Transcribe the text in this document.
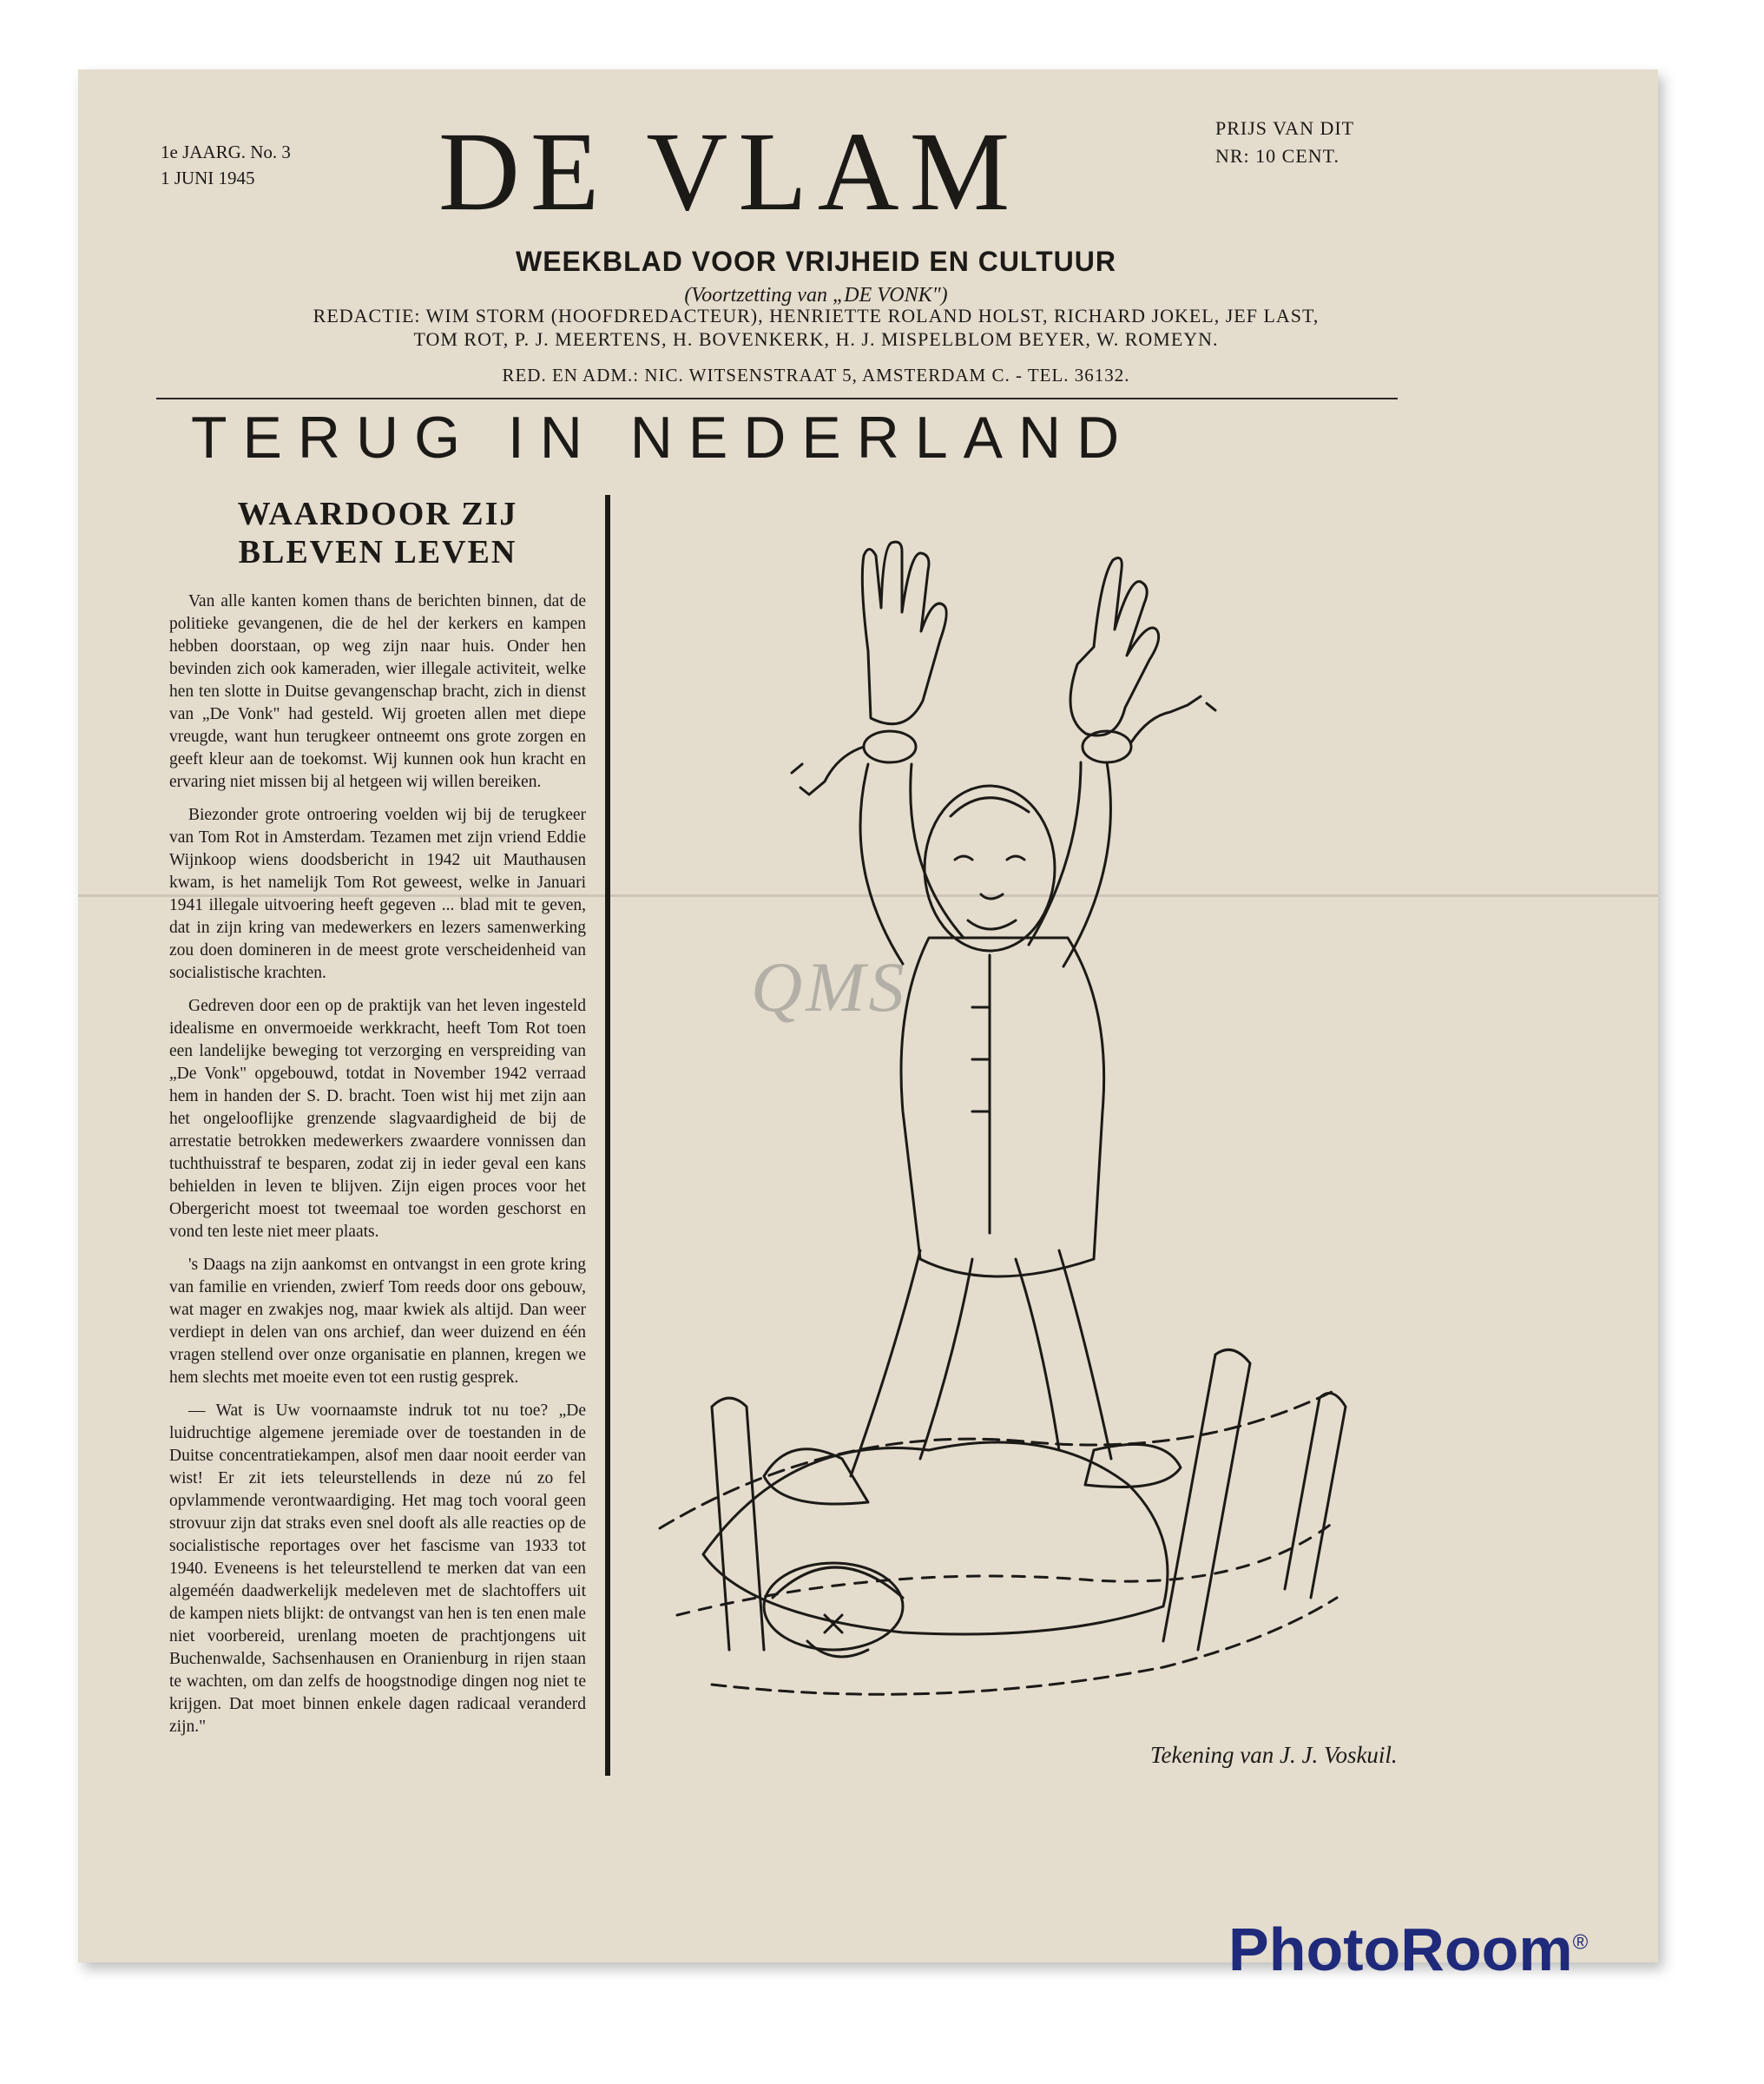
1e JAARG. No. 3
1 JUNI 1945	DE VLAM	PRIJS VAN DIT
NR: 10 CENT.
WEEKBLAD VOOR VRIJHEID EN CULTUUR
(Voortzetting van „DE VONK")
REDACTIE: WIM STORM (HOOFDREDACTEUR), HENRIETTE ROLAND HOLST, RICHARD JOKEL, JEF LAST,
TOM ROT, P. J. MEERTENS, H. BOVENKERK, H. J. MISPELBLOM BEYER, W. ROMEYN.
RED. EN ADM.: NIC. WITSENSTRAAT 5, AMSTERDAM C. - TEL. 36132.
TERUG IN NEDERLAND
WAARDOOR ZIJ
BLEVEN LEVEN

Van alle kanten komen thans de berichten binnen, dat de politieke gevangenen, die de hel der kerkers en kampen hebben doorstaan, op weg zijn naar huis. Onder hen bevinden zich ook kameraden, wier illegale activiteit, welke hen ten slotte in Duitse gevangenschap bracht, zich in dienst van „De Vonk" had gesteld. Wij groeten allen met diepe vreugde, want hun terugkeer ontneemt ons grote zorgen en geeft kleur aan de toekomst. Wij kunnen ook hun kracht en ervaring niet missen bij al hetgeen wij willen bereiken.

Biezonder grote ontroering voelden wij bij de terugkeer van Tom Rot in Amsterdam. Tezamen met zijn vriend Eddie Wijnkoop wiens doodsbericht in 1942 uit Mauthausen kwam, is het namelijk Tom Rot geweest, welke in Januari 1941 illegale uitvoering heeft gegeven ... blad mit te geven, dat in zijn kring van medewerkers en lezers samenwerking zou doen domineren in de meest grote verscheidenheid van socialistische krachten.

Gedreven door een op de praktijk van het leven ingesteld idealisme en onvermoeide werkkracht, heeft Tom Rot toen een landelijke beweging tot verzorging en verspreiding van „De Vonk" opgebouwd, totdat in November 1942 verraad hem in handen der S. D. bracht. Toen wist hij met zijn aan het ongelooflijke grenzende slagvaardigheid de bij de arrestatie betrokken medewerkers zwaardere vonnissen dan tuchthuisstraf te besparen, zodat zij in ieder geval een kans behielden in leven te blijven. Zijn eigen proces voor het Obergericht moest tot tweemaal toe worden geschorst en vond ten leste niet meer plaats.

's Daags na zijn aankomst en ontvangst in een grote kring van familie en vrienden, zwierf Tom reeds door ons gebouw, wat mager en zwakjes nog, maar kwiek als altijd. Dan weer verdiept in delen van ons archief, dan weer duizend en één vragen stellend over onze organisatie en plannen, kregen we hem slechts met moeite even tot een rustig gesprek.

— Wat is Uw voornaamste indruk tot nu toe? „De luidruchtige algemene jeremiade over de toestanden in de Duitse concentratiekampen, alsof men daar nooit eerder van wist! Er zit iets teleurstellends in deze nú zo fel opvlammende verontwaardiging. Het mag toch vooral geen strovuur zijn dat straks even snel dooft als alle reacties op de socialistische reportages over het fascisme van 1933 tot 1940. Eveneens is het teleurstellend te merken dat van een algeméén daadwerkelijk medeleven met de slachtoffers uit de kampen niets blijkt: de ontvangst van hen is ten enen male niet voorbereid, urenlang moeten de prachtjongens uit Buchenwalde, Sachsenhausen en Oranienburg in rijen staan te wachten, om dan zelfs de hoogstnodige dingen nog niet te krijgen. Dat moet binnen enkele dagen radicaal veranderd zijn."

QMS
Tekening van J. J. Voskuil.
PhotoRoom®
